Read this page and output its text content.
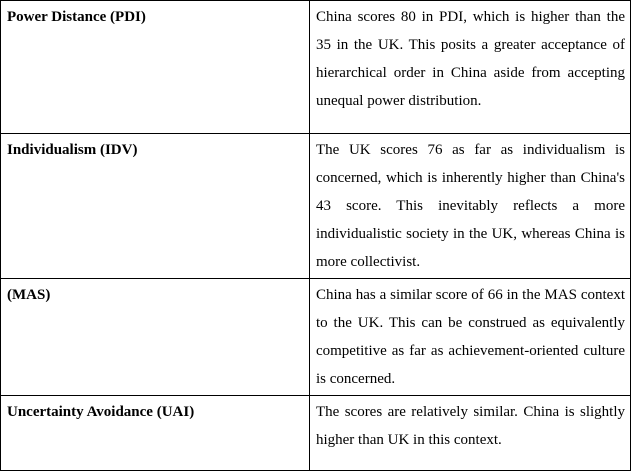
Power Distance (PDI)	China scores 80 in PDI, which is higher than the 35 in the UK. This posits a greater acceptance of hierarchical order in China aside from accepting unequal power distribution.
Individualism (IDV)	The UK scores 76 as far as individualism is concerned, which is inherently higher than China's 43 score. This inevitably reflects a more individualistic society in the UK, whereas China is more collectivist.
(MAS)	China has a similar score of 66 in the MAS context to the UK. This can be construed as equivalently competitive as far as achievement-oriented culture is concerned.
Uncertainty Avoidance (UAI)	The scores are relatively similar. China is slightly higher than UK in this context.
